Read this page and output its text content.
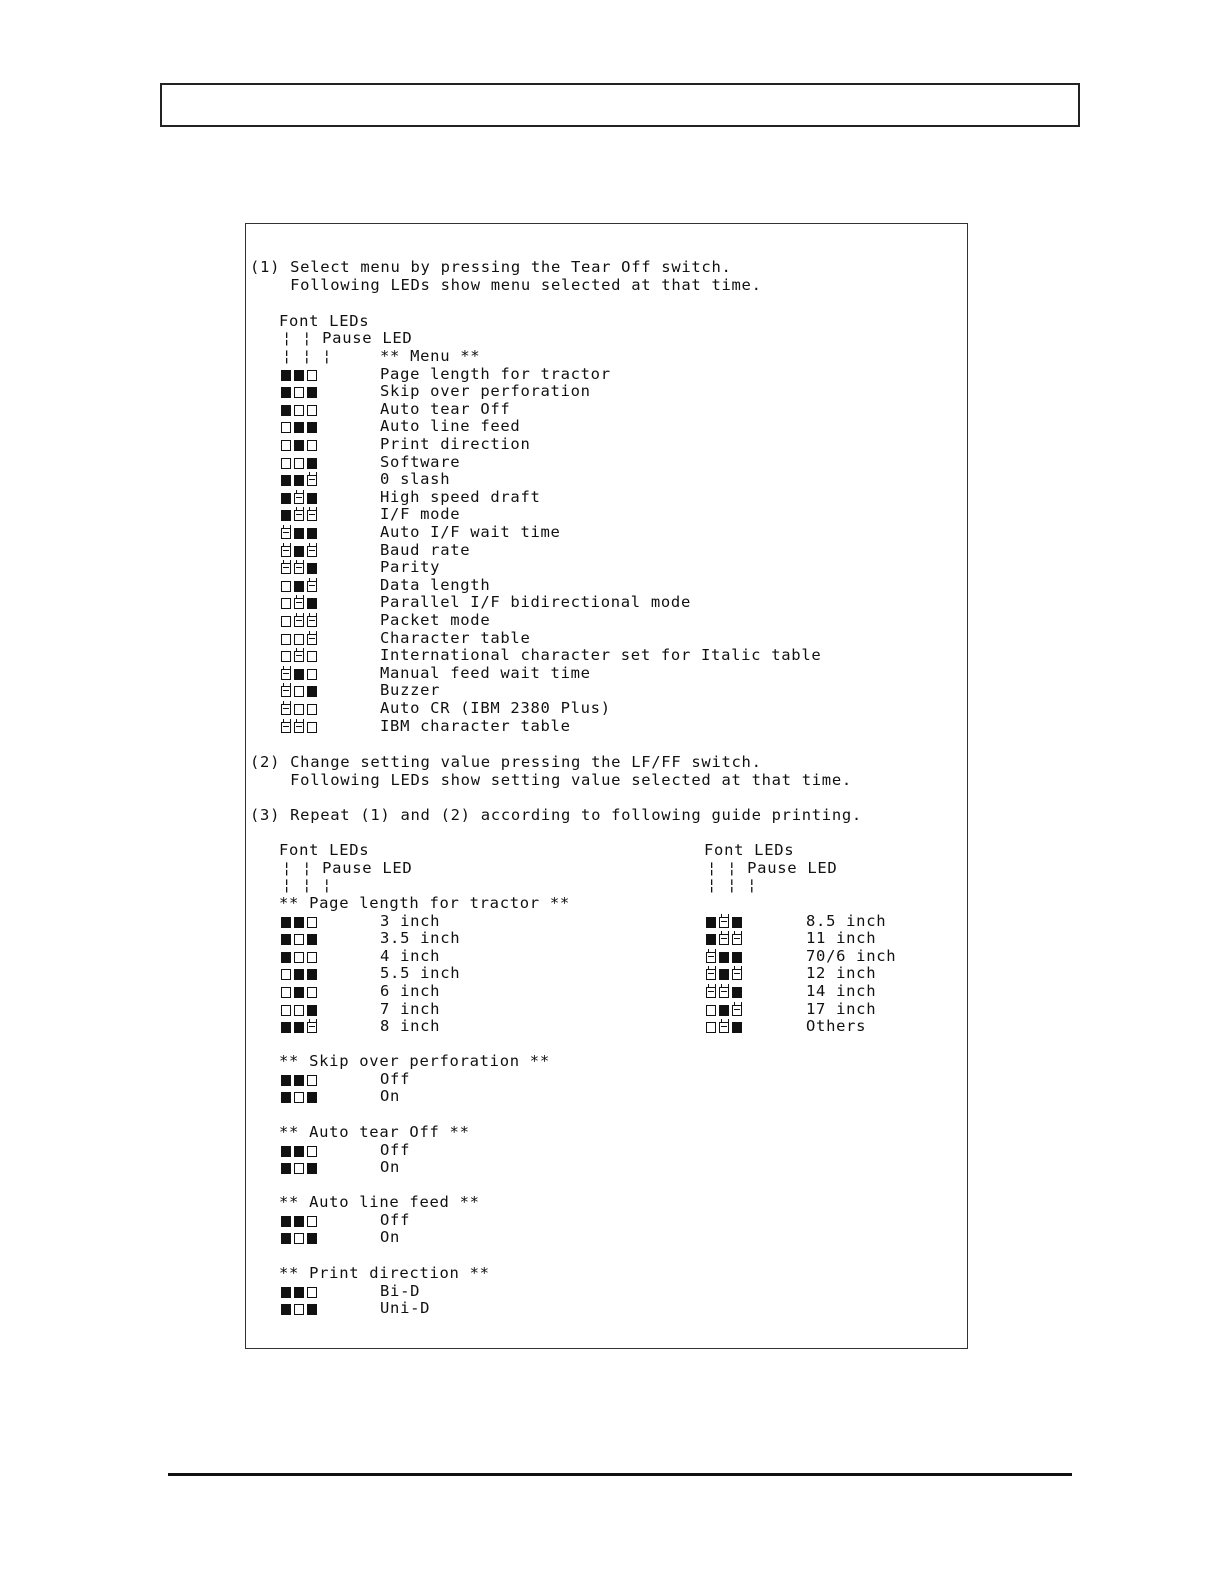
(1) Select menu by pressing the Tear Off switch.
Following LEDs show menu selected at that time.
Font LEDs
¦ ¦ Pause LED
¦ ¦ ¦	** Menu **
Page length for tractor
Skip over perforation
Auto tear Off
Auto line feed
Print direction
Software
0 slash
High speed draft
I/F mode
Auto I/F wait time
Baud rate
Parity
Data length
Parallel I/F bidirectional mode
Packet mode
Character table
International character set for Italic table
Manual feed wait time
Buzzer
Auto CR (IBM 2380 Plus)
IBM character table
(2) Change setting value pressing the LF/FF switch.
Following LEDs show setting value selected at that time.
(3) Repeat (1) and (2) according to following guide printing.
Font LEDs
¦ ¦ Pause LED
¦ ¦ ¦
Font LEDs
¦ ¦ Pause LED
¦ ¦ ¦
** Page length for tractor **
3 inch
3.5 inch
4 inch
5.5 inch
6 inch
7 inch
8 inch
8.5 inch
11 inch
70/6 inch
12 inch
14 inch
17 inch
Others
** Skip over perforation **
Off
On
** Auto tear Off **
Off
On
** Auto line feed **
Off
On
** Print direction **
Bi-D
Uni-D
